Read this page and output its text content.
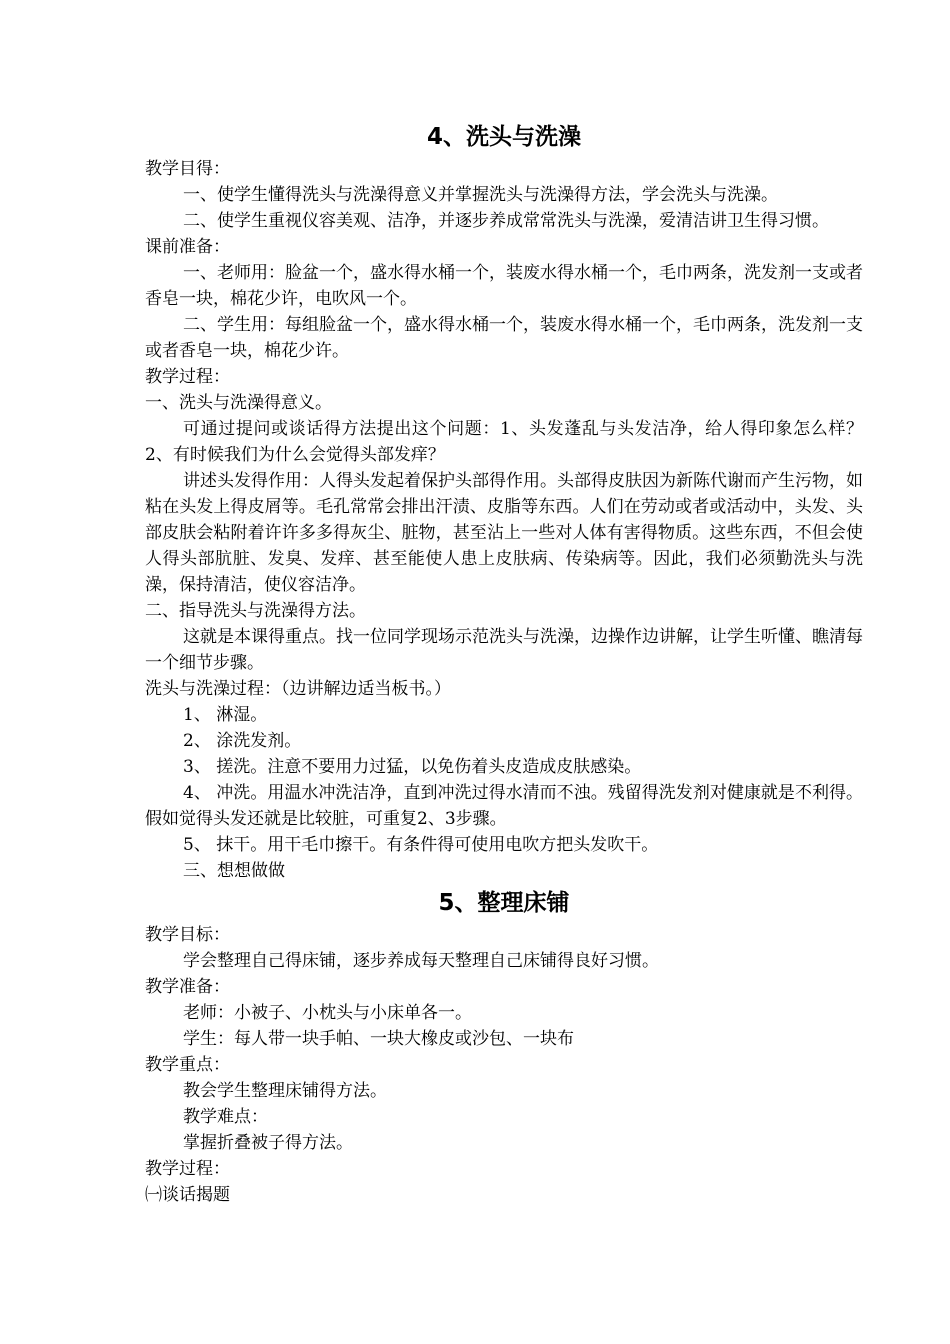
4、洗头与洗澡
教学目得：
一、使学生懂得洗头与洗澡得意义并掌握洗头与洗澡得方法，学会洗头与洗澡。
二、使学生重视仪容美观、洁净，并逐步养成常常洗头与洗澡，爱清洁讲卫生得习惯。
课前准备：
一、老师用：脸盆一个，盛水得水桶一个，装废水得水桶一个，毛巾两条，洗发剂一支或者香皂一块，棉花少许，电吹风一个。
二、学生用：每组脸盆一个，盛水得水桶一个，装废水得水桶一个，毛巾两条，洗发剂一支或者香皂一块，棉花少许。
教学过程：
一、洗头与洗澡得意义。
可通过提问或谈话得方法提出这个问题：1、头发蓬乱与头发洁净，给人得印象怎么样？2、有时候我们为什么会觉得头部发痒？
讲述头发得作用：人得头发起着保护头部得作用。头部得皮肤因为新陈代谢而产生污物，如粘在头发上得皮屑等。毛孔常常会排出汗渍、皮脂等东西。人们在劳动或者或活动中，头发、头部皮肤会粘附着许许多多得灰尘、脏物，甚至沾上一些对人体有害得物质。这些东西，不但会使人得头部肮脏、发臭、发痒、甚至能使人患上皮肤病、传染病等。因此，我们必须勤洗头与洗澡，保持清洁，使仪容洁净。
二、指导洗头与洗澡得方法。
这就是本课得重点。找一位同学现场示范洗头与洗澡，边操作边讲解，让学生听懂、瞧清每一个细节步骤。
洗头与洗澡过程：（边讲解边适当板书。）
1、 淋湿。
2、 涂洗发剂。
3、 搓洗。注意不要用力过猛，以免伤着头皮造成皮肤感染。
4、 冲洗。用温水冲洗洁净，直到冲洗过得水清而不浊。残留得洗发剂对健康就是不利得。假如觉得头发还就是比较脏，可重复2、3步骤。
5、 抹干。用干毛巾擦干。有条件得可使用电吹方把头发吹干。
三、想想做做
5、整理床铺
教学目标：
学会整理自己得床铺，逐步养成每天整理自己床铺得良好习惯。
教学准备：
老师：小被子、小枕头与小床单各一。
学生：每人带一块手帕、一块大橡皮或沙包、一块布
教学重点：
教会学生整理床铺得方法。
教学难点：
掌握折叠被子得方法。
教学过程：
㈠谈话揭题
